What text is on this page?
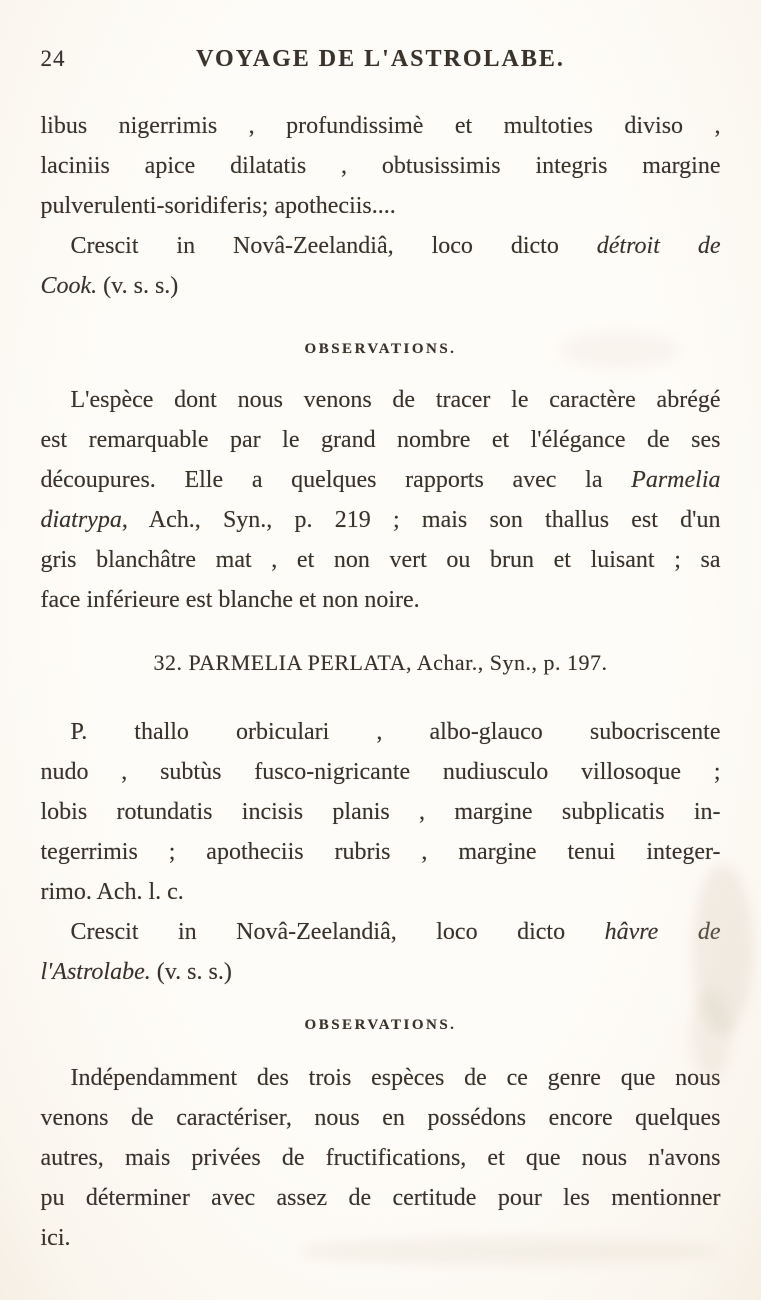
24	VOYAGE DE L'ASTROLABE.
libus nigerrimis , profundissimè et multoties diviso ,
laciniis apice dilatatis , obtusissimis integris margine
pulverulenti-soridiferis; apotheciis....
Crescit in Novâ-Zeelandiâ, loco dicto détroit de
Cook. (v. s. s.)
OBSERVATIONS.
L'espèce dont nous venons de tracer le caractère abrégé
est remarquable par le grand nombre et l'élégance de ses
découpures. Elle a quelques rapports avec la Parmelia
diatrypa, Ach., Syn., p. 219 ; mais son thallus est d'un
gris blanchâtre mat , et non vert ou brun et luisant ; sa
face inférieure est blanche et non noire.
32. PARMELIA PERLATA, Achar., Syn., p. 197.
P. thallo orbiculari , albo-glauco subocriscente
nudo , subtùs fusco-nigricante nudiusculo villosoque ;
lobis rotundatis incisis planis , margine subplicatis in-
tegerrimis ; apotheciis rubris , margine tenui integer-
rimo. Ach. l. c.
Crescit in Novâ-Zeelandiâ, loco dicto hâvre de
l'Astrolabe. (v. s. s.)
OBSERVATIONS.
Indépendamment des trois espèces de ce genre que nous
venons de caractériser, nous en possédons encore quelques
autres, mais privées de fructifications, et que nous n'avons
pu déterminer avec assez de certitude pour les mentionner
ici.
